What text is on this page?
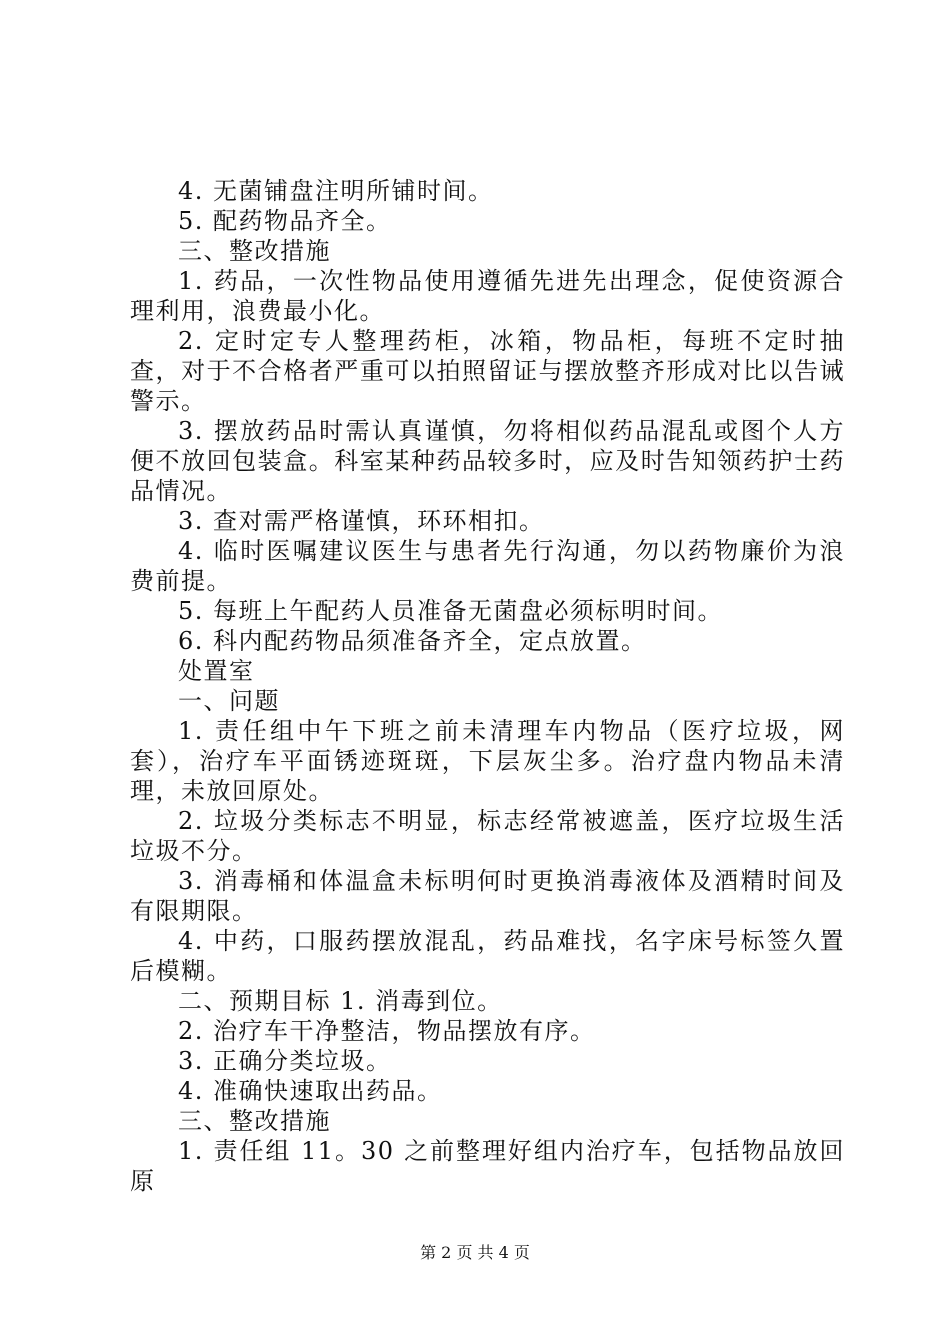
4. 无菌铺盘注明所铺时间。

5. 配药物品齐全。

三、整改措施

1. 药品，一次性物品使用遵循先进先出理念，促使资源合理利用，浪费最小化。

2. 定时定专人整理药柜，冰箱，物品柜，每班不定时抽查，对于不合格者严重可以拍照留证与摆放整齐形成对比以告诫警示。

3. 摆放药品时需认真谨慎，勿将相似药品混乱或图个人方便不放回包装盒。科室某种药品较多时，应及时告知领药护士药品情况。

3. 查对需严格谨慎，环环相扣。

4. 临时医嘱建议医生与患者先行沟通，勿以药物廉价为浪费前提。

5. 每班上午配药人员准备无菌盘必须标明时间。

6. 科内配药物品须准备齐全，定点放置。

处置室

一、问题

1. 责任组中午下班之前未清理车内物品（医疗垃圾，网套），治疗车平面锈迹斑斑，下层灰尘多。治疗盘内物品未清理，未放回原处。

2. 垃圾分类标志不明显，标志经常被遮盖，医疗垃圾生活垃圾不分。

3. 消毒桶和体温盒未标明何时更换消毒液体及酒精时间及有限期限。

4. 中药，口服药摆放混乱，药品难找，名字床号标签久置后模糊。

二、预期目标 1. 消毒到位。

2. 治疗车干净整洁，物品摆放有序。

3. 正确分类垃圾。

4. 准确快速取出药品。

三、整改措施

1. 责任组 11。30 之前整理好组内治疗车，包括物品放回原

第 2 页 共 4 页
